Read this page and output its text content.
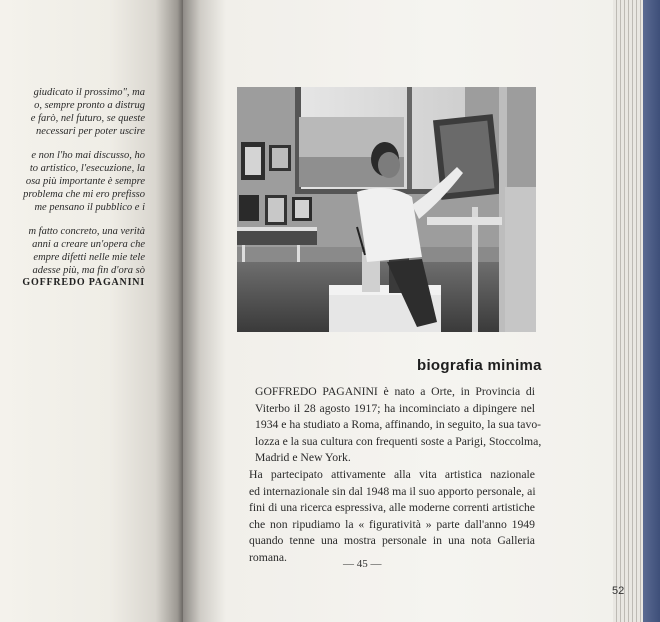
giudicato il prossimo", ma
o, sempre pronto a distrug
e farò, nel futuro, se queste
necessari per poter uscire
e non l'ho mai discusso, ho
to artistico, l'esecuzione, la
osa più importante è sempre
problema che mi ero prefisso
me pensano il pubblico e i
m fatto concreto, una verità
anni a creare un'opera che
empre difetti nelle mie tele
adesse più, ma fin d'ora sò
GOFFREDO PAGANINI
52
biografia minima

GOFFREDO PAGANINI è nato a Orte, in Provincia di
Viterbo il 28 agosto 1917; ha incominciato a dipingere nel
1934 e ha studiato a Roma, affinando, in seguito, la sua tavo-
lozza e la sua cultura con frequenti soste a Parigi, Stoccolma,
Madrid e New York.

Ha partecipato attivamente alla vita artistica nazionale
ed internazionale sin dal 1948 ma il suo apporto personale, ai
fini di una ricerca espressiva, alle moderne correnti artistiche
che non ripudiamo la « figuratività » parte dall'anno 1949
quando tenne una mostra personale in una nota Galleria
romana.

— 45 —
